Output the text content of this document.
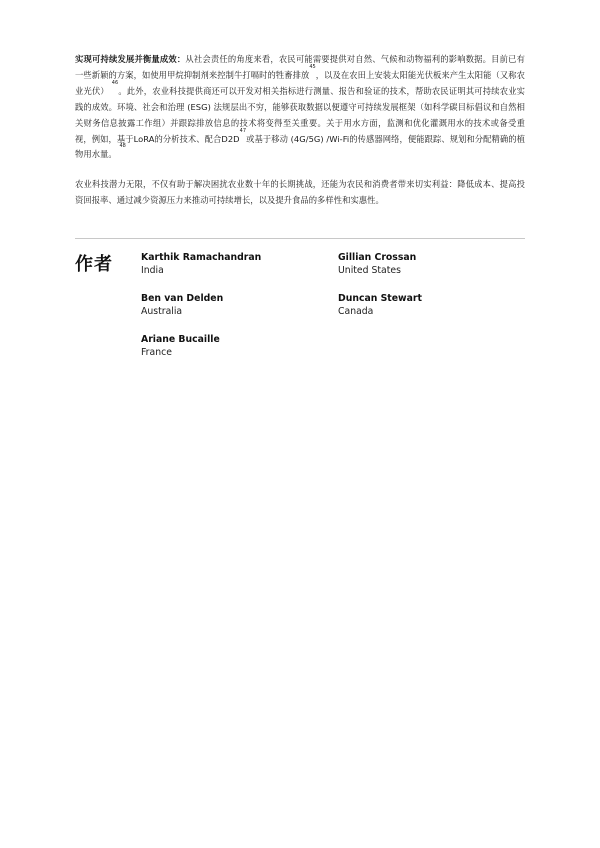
实现可持续发展并衡量成效：从社会责任的角度来看，农民可能需要提供对自然、气候和动物福利的影响数据。目前已有一些新颖的方案，如使用甲烷抑制剂来控制牛打嗝时的牲畜排放$^{45}$，以及在农田上安装太阳能光伏板来产生太阳能（又称农业光伏） $^{46}$。此外，农业科技提供商还可以开发对相关指标进行测量、报告和验证的技术，帮助农民证明其可持续农业实践的成效。环境、社会和治理 (ESG) 法规层出不穷，能够获取数据以便遵守可持续发展框架（如科学碳目标倡议和自然相关财务信息披露工作组）并跟踪排放信息的技术将变得至关重要。关于用水方面，监测和优化灌溉用水的技术或备受重视，例如，基于LoRA的分析技术、配合$D2D^{47}$或基于移动 (4G/5G) /Wi-Fi的传感器网络，便能跟踪、规划和分配精确的植物用水量。 $^{48}$

农业科技潜力无限，不仅有助于解决困扰农业数十年的长期挑战，还能为农民和消费者带来切实利益：降低成本、提高投资回报率、通过减少资源压力来推动可持续增长，以及提升食品的多样性和实惠性。

作者	Karthik Ramachandran
India
Gillian Crossan
United States
Ben van Delden
Australia
Duncan Stewart
Canada
Ariane Bucaille
France
